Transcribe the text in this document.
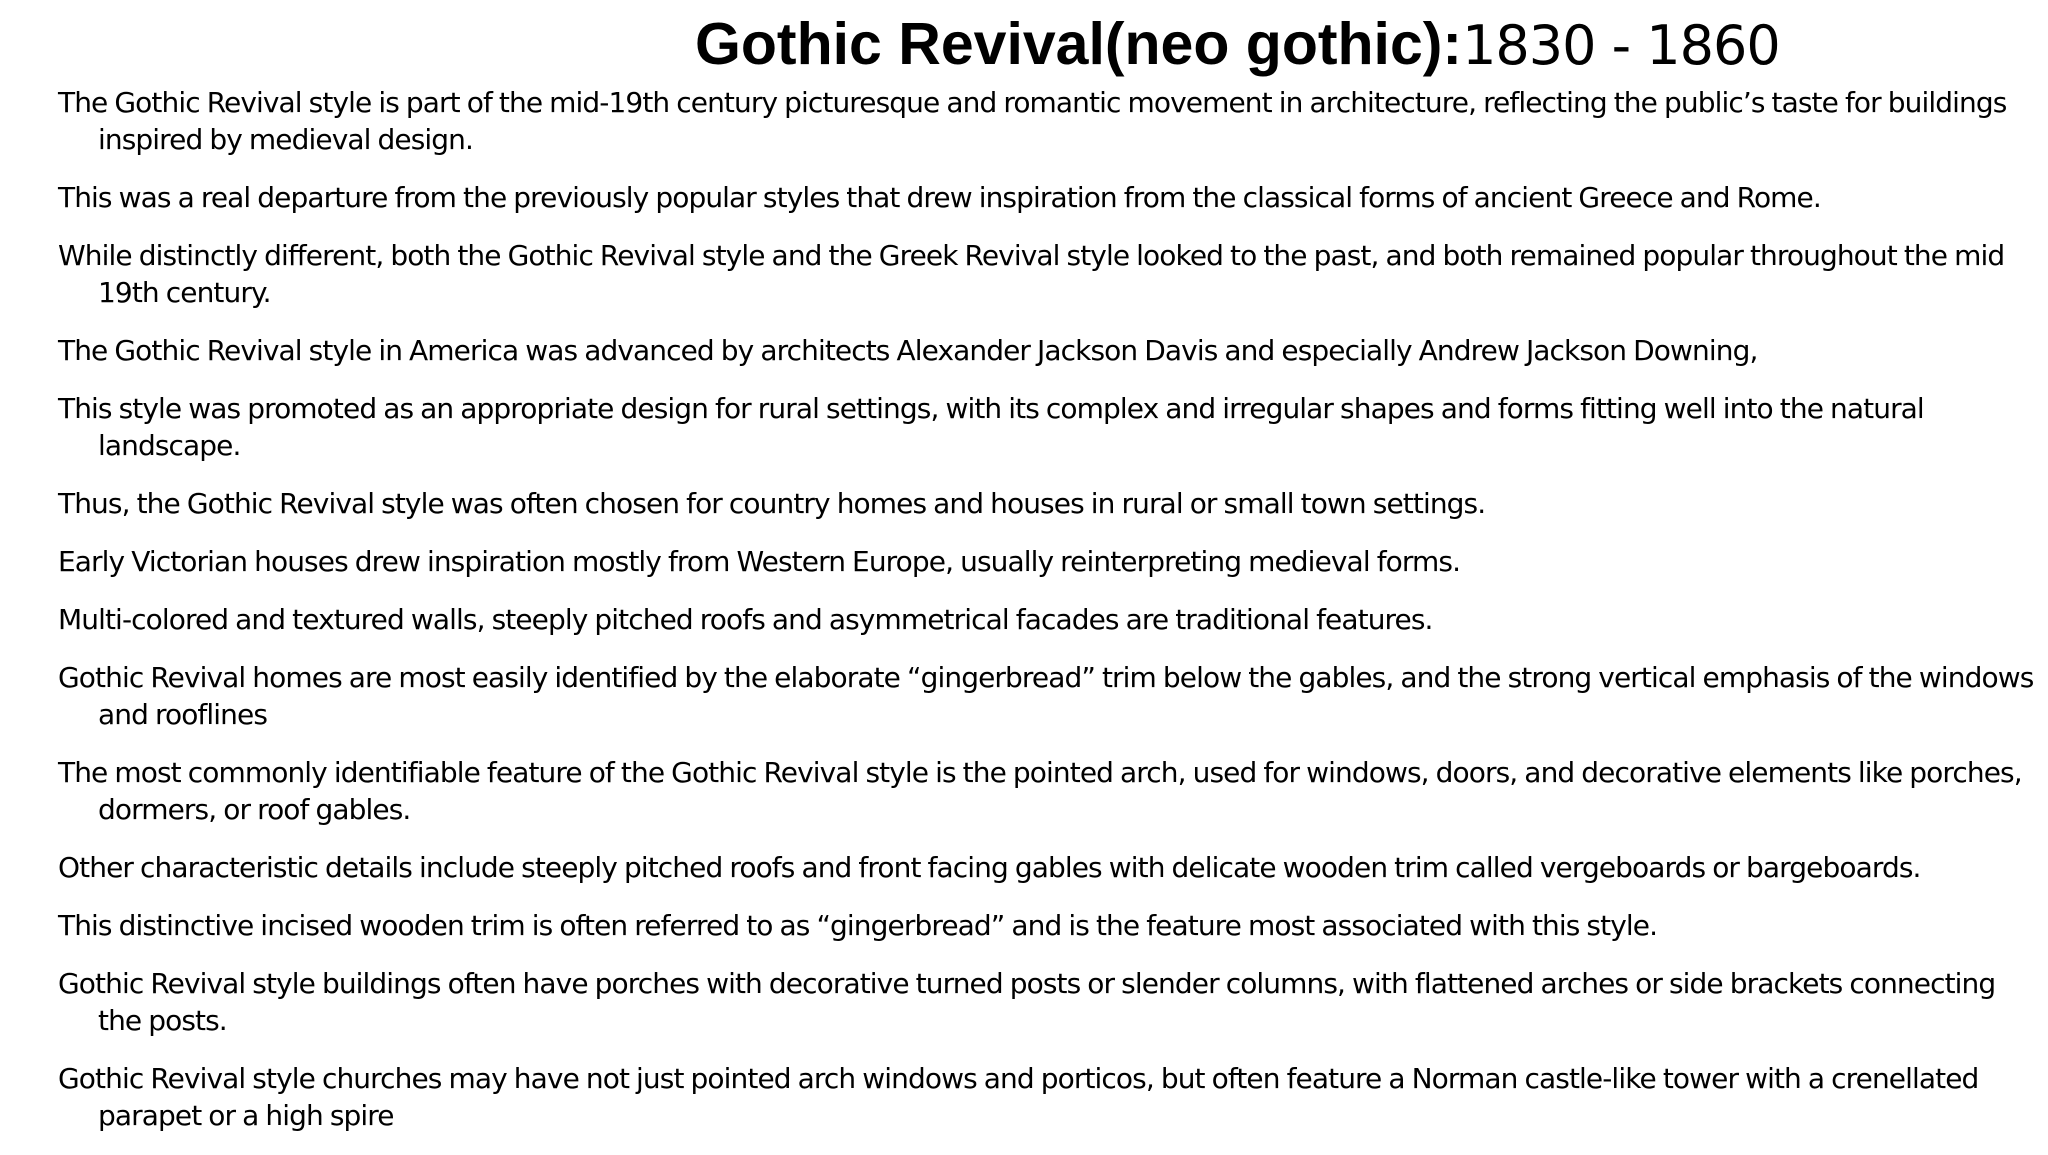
Gothic Revival(neo gothic):1830 - 1860
The Gothic Revival style is part of the mid-19th century picturesque and romantic movement in architecture, reflecting the public’s taste for buildings inspired by medieval design.
This was a real departure from the previously popular styles that drew inspiration from the classical forms of ancient Greece and Rome.
While distinctly different, both the Gothic Revival style and the Greek Revival style looked to the past, and both remained popular throughout the mid 19th century.
The Gothic Revival style in America was advanced by architects Alexander Jackson Davis and especially Andrew Jackson Downing,
This style was promoted as an appropriate design for rural settings, with its complex and irregular shapes and forms fitting well into the natural landscape.
Thus, the Gothic Revival style was often chosen for country homes and houses in rural or small town settings.
Early Victorian houses drew inspiration mostly from Western Europe, usually reinterpreting medieval forms.
Multi-colored and textured walls, steeply pitched roofs and asymmetrical facades are traditional features.
Gothic Revival homes are most easily identified by the elaborate “gingerbread” trim below the gables, and the strong vertical emphasis of the windows and rooflines
The most commonly identifiable feature of the Gothic Revival style is the pointed arch, used for windows, doors, and decorative elements like porches, dormers, or roof gables.
Other characteristic details include steeply pitched roofs and front facing gables with delicate wooden trim called vergeboards or bargeboards.
This distinctive incised wooden trim is often referred to as “gingerbread” and is the feature most associated with this style.
Gothic Revival style buildings often have porches with decorative turned posts or slender columns, with flattened arches or side brackets connecting the posts.
Gothic Revival style churches may have not just pointed arch windows and porticos, but often feature a Norman castle-like tower with a crenellated parapet or a high spire
